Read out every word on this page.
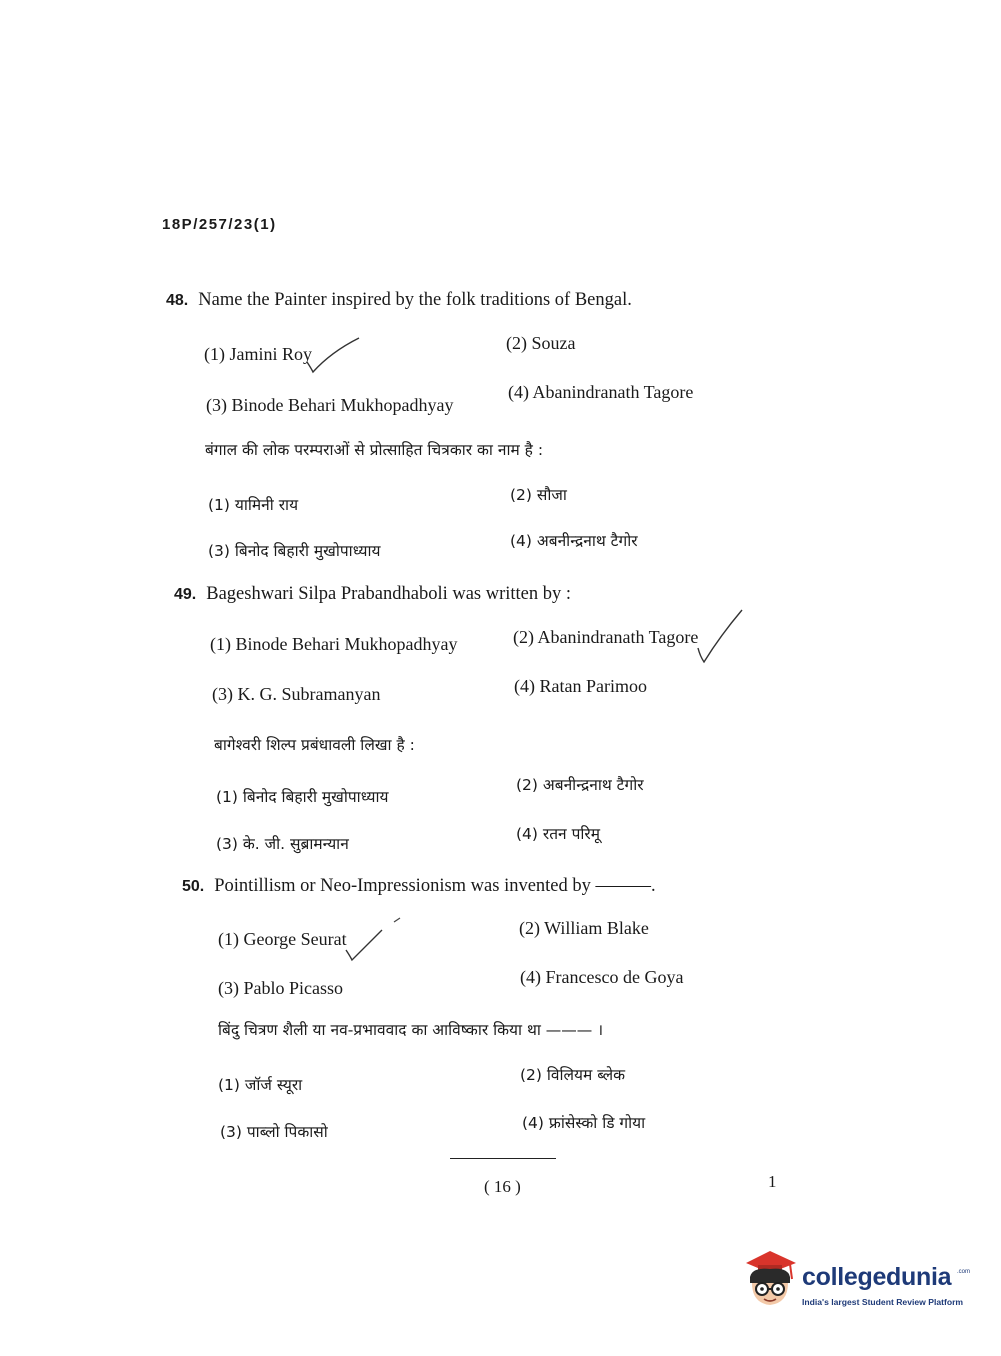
18P/257/23(1)
48. Name the Painter inspired by the folk traditions of Bengal.
(1) Jamini Roy
(2) Souza
(3) Binode Behari Mukhopadhyay
(4) Abanindranath Tagore
बंगाल की लोक परम्पराओं से प्रोत्साहित चित्रकार का नाम है :
(1) यामिनी राय
(2) सौजा
(3) बिनोद बिहारी मुखोपाध्याय
(4) अबनीन्द्रनाथ टैगोर
49. Bageshwari Silpa Prabandhaboli was written by :
(1) Binode Behari Mukhopadhyay	(2) Abanindranath Tagore
(3) K. G. Subramanyan	(4) Ratan Parimoo
बागेश्वरी शिल्प प्रबंधावली लिखा है :
(1) बिनोद बिहारी मुखोपाध्याय
(2) अबनीन्द्रनाथ टैगोर
(3) के. जी. सुब्रामन्यान
(4) रतन परिमू
50. Pointillism or Neo-Impressionism was invented by ———.
(1) George Seurat
(2) William Blake
(3) Pablo Picasso
(4) Francesco de Goya
बिंदु चित्रण शैली या नव-प्रभाववाद का आविष्कार किया था ——— ।
(1) जॉर्ज स्यूरा
(2) विलियम ब्लेक
(3) पाब्लो पिकासो	(4) फ्रांसेस्को डि गोया
( 16 )	1
collegedunia .com
India's largest Student Review Platform
